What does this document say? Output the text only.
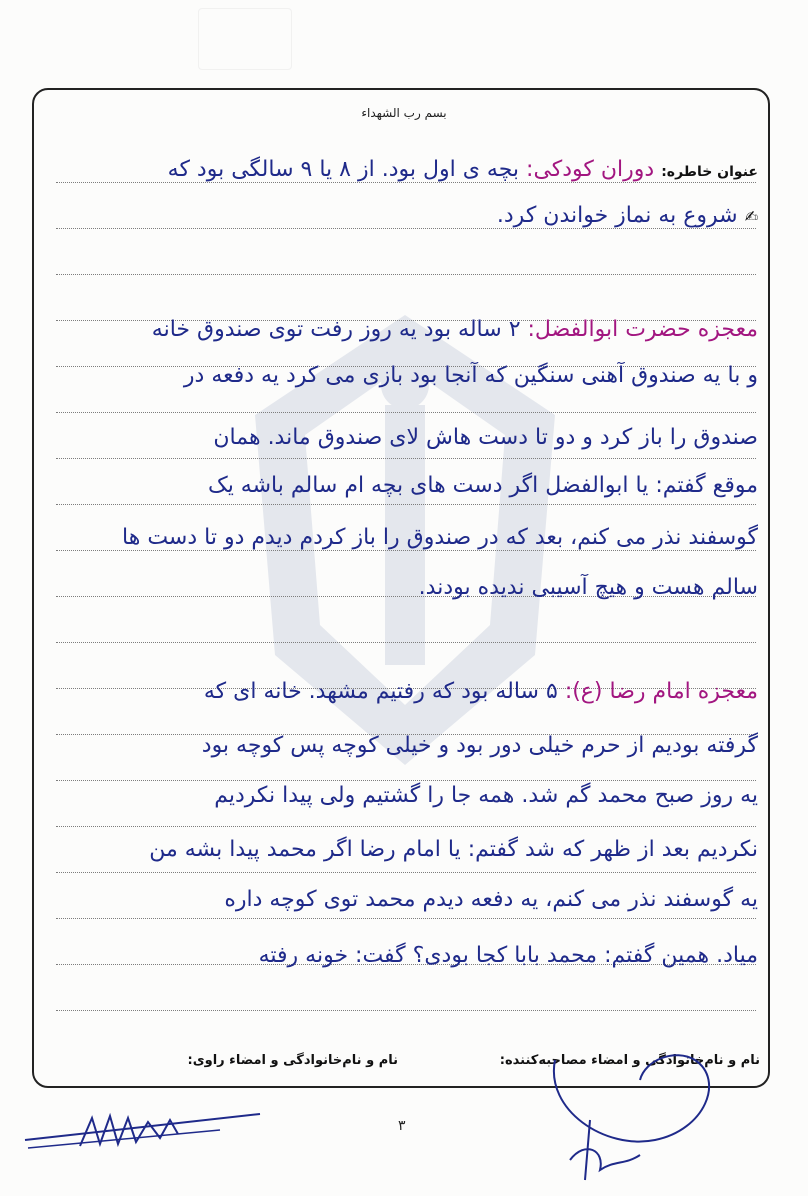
بسم رب الشهداء
عنوان خاطره: دوران کودکی: بچه ی اول بود. از ۸ یا ۹ سالگی بود که
✍ شروع به نماز خواندن کرد.
معجزه حضرت ابوالفضل: ۲ ساله بود یه روز رفت توی صندوق خانه
و با یه صندوق آهنی سنگین که آنجا بود بازی می کرد یه دفعه در
صندوق را باز کرد و دو تا دست هاش لای صندوق ماند. همان
موقع گفتم: یا ابوالفضل اگر دست های بچه ام سالم باشه یک
گوسفند نذر می کنم، بعد که در صندوق را باز کردم دیدم دو تا دست ها
سالم هست و هیچ آسیبی ندیده بودند.
معجزه امام رضا (ع): ۵ ساله بود که رفتیم مشهد. خانه ای که
گرفته بودیم از حرم خیلی دور بود و خیلی کوچه پس کوچه بود
یه روز صبح محمد گم شد. همه جا را گشتیم ولی پیدا نکردیم
نکردیم بعد از ظهر که شد گفتم: یا امام رضا اگر محمد پیدا بشه من
یه گوسفند نذر می کنم، یه دفعه دیدم محمد توی کوچه داره
میاد. همین گفتم: محمد بابا کجا بودی؟ گفت: خونه رفته
نام و نام‌خانوادگی و امضاء مصاحبه‌کننده:
نام و نام‌خانوادگی و امضاء راوی:
۳
